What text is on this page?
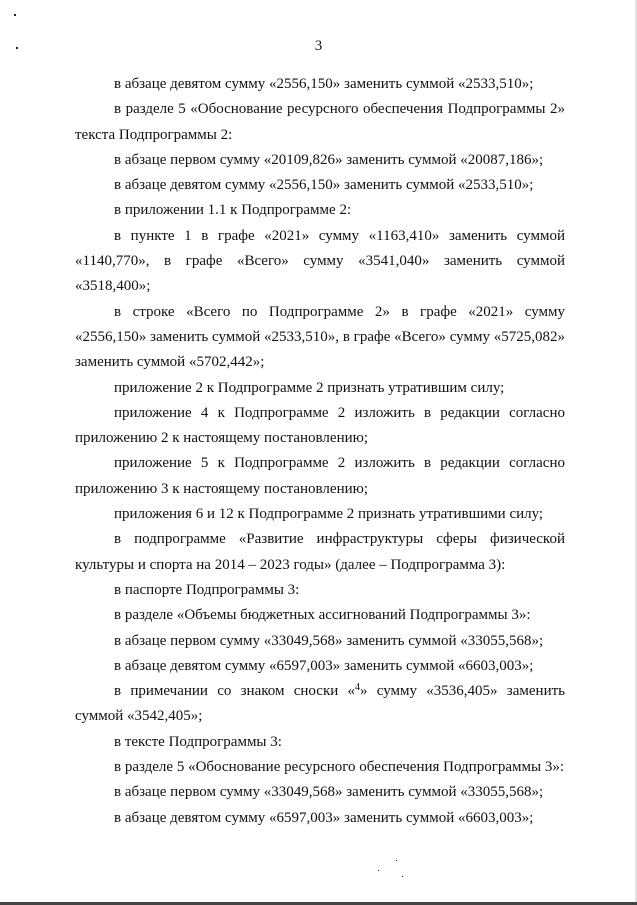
3

в абзаце девятом сумму «2556,150» заменить суммой «2533,510»;

в разделе 5 «Обоснование ресурсного обеспечения Подпрограммы 2» текста Подпрограммы 2:

в абзаце первом сумму «20109,826» заменить суммой «20087,186»;

в абзаце девятом сумму «2556,150» заменить суммой «2533,510»;

в приложении 1.1 к Подпрограмме 2:

в пункте 1 в графе «2021» сумму «1163,410» заменить суммой «1140,770», в графе «Всего» сумму «3541,040» заменить суммой «3518,400»;

в строке «Всего по Подпрограмме 2» в графе «2021» сумму «2556,150» заменить суммой «2533,510», в графе «Всего» сумму «5725,082» заменить суммой «5702,442»;

приложение 2 к Подпрограмме 2 признать утратившим силу;

приложение 4 к Подпрограмме 2 изложить в редакции согласно приложению 2 к настоящему постановлению;

приложение 5 к Подпрограмме 2 изложить в редакции согласно приложению 3 к настоящему постановлению;

приложения 6 и 12 к Подпрограмме 2 признать утратившими силу;

в подпрограмме «Развитие инфраструктуры сферы физической культуры и спорта на 2014 – 2023 годы» (далее – Подпрограмма 3):

в паспорте Подпрограммы 3:

в разделе «Объемы бюджетных ассигнований Подпрограммы 3»:

в абзаце первом сумму «33049,568» заменить суммой «33055,568»;

в абзаце девятом сумму «6597,003» заменить суммой «6603,003»;

в примечании со знаком сноски «$^4$» сумму «3536,405» заменить суммой «3542,405»;

в тексте Подпрограммы 3:

в разделе 5 «Обоснование ресурсного обеспечения Подпрограммы 3»:

в абзаце первом сумму «33049,568» заменить суммой «33055,568»;

в абзаце девятом сумму «6597,003» заменить суммой «6603,003»;
